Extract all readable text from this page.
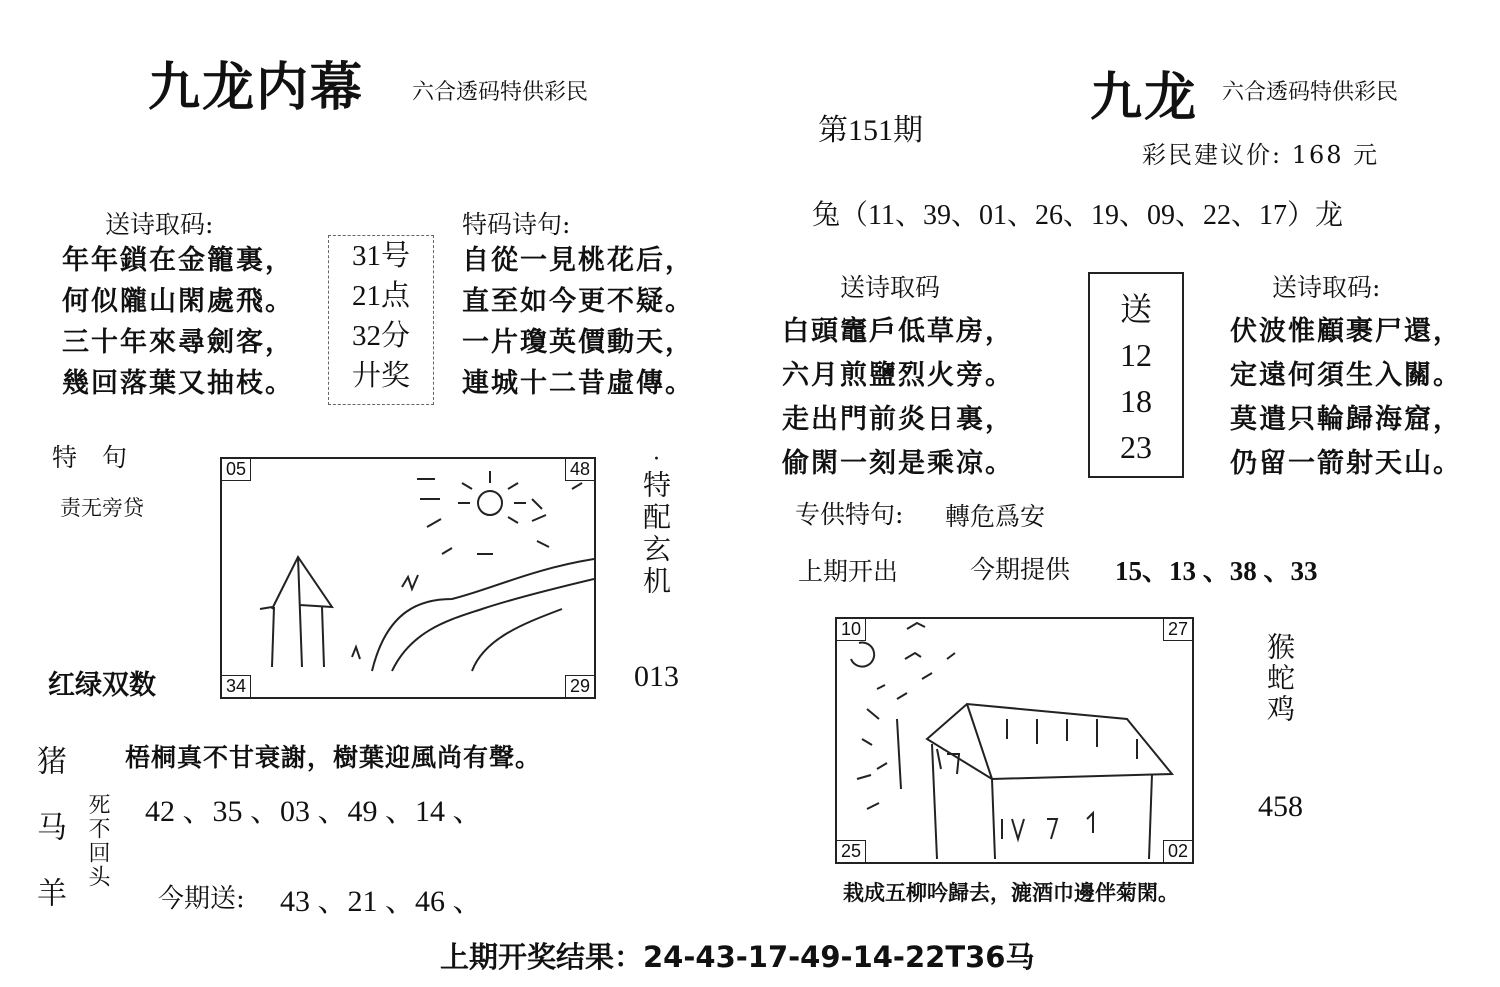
九龙内幕 六合透码特供彩民
送诗取码:
年年鎖在金籠裏，
何似隴山閑處飛。
三十年來尋劍客，
幾回落葉又抽枝。
31号
21点
32分
廾奖
特码诗句:
自從一見桃花后，
直至如今更不疑。
一片瓊英價動天，
連城十二昔虛傳。
特　句
责无旁贷
红绿双数
05	48
34	29
·
特配玄机
013
梧桐真不甘衰謝，樹葉迎風尚有聲。
猪马羊 死不回头 42 、35 、03 、49 、14 、
今期送: 43 、21 、46 、
第151期
九龙 六合透码特供彩民
彩民建议价: 168 元
兔（11、39、01、26、19、09、22、17）龙
送诗取码
白頭竈戶低草房，
六月煎鹽烈火旁。
走出門前炎日裏，
偷閑一刻是乘凉。
送
12
18
23
送诗取码:
伏波惟顧裹尸還，
定遠何須生入關。
莫遣只輪歸海窟，
仍留一箭射天山。
专供特句: 轉危爲安
上期开出	今期提供 15、13 、38 、33
10	27
25	02
猴蛇鸡
458
栽成五柳吟歸去，漉酒巾邊伴菊閑。
上期开奖结果：24-43-17-49-14-22T36马
